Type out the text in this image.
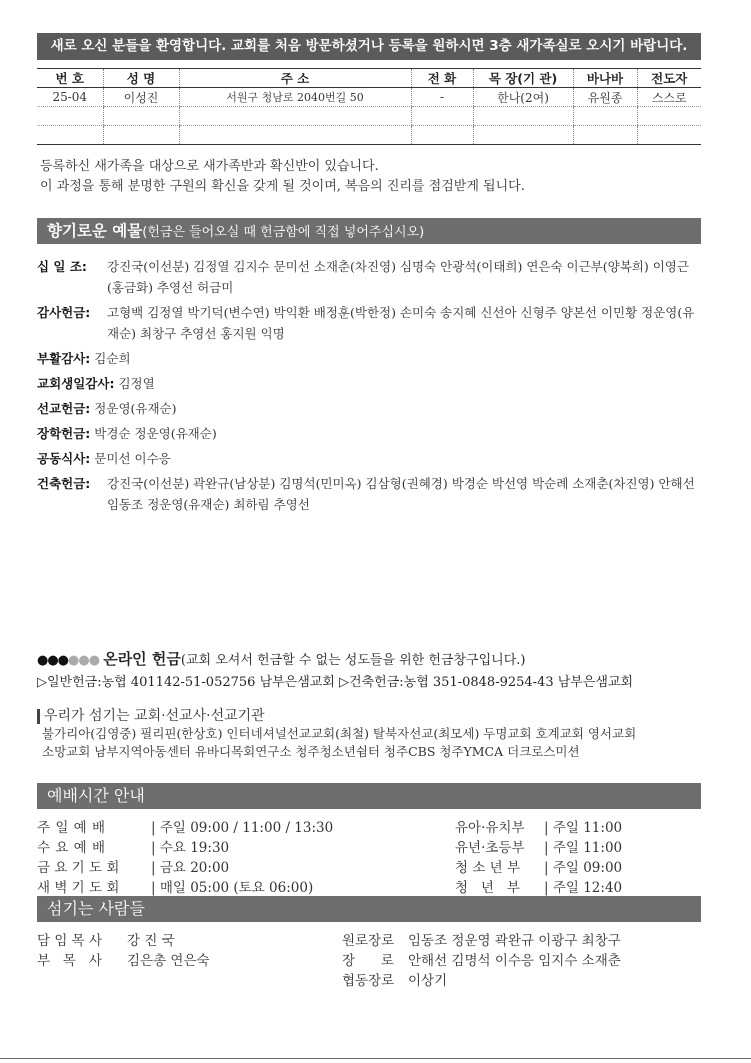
새로 오신 분들을 환영합니다. 교회를 처음 방문하셨거나 등록을 원하시면 3층 새가족실로 오시기 바랍니다.
번 호	성 명	주 소	전 화	목 장(기 관)	바나바	전도자
25-04	이성진	서원구 청남로 2040번길 50	-	한나(2여)	유원종	스스로

등록하신 새가족을 대상으로 새가족반과 확신반이 있습니다.
이 과정을 통해 분명한 구원의 확신을 갖게 될 것이며, 복음의 진리를 점검받게 됩니다.
향기로운 예물(헌금은 들어오실 때 헌금함에 직접 넣어주십시오)
십 일 조:	강진국(이선분) 김정열 김지수 문미선 소재춘(차진영) 심명숙 안광석(이태희) 연은숙 이근부(양복희) 이영근(홍금화) 추영선 허금미
감사헌금:	고형백 김정열 박기덕(변수연) 박익환 배정훈(박한정) 손미숙 송지혜 신선아 신형주 양본선 이민황 정운영(유재순) 최창구 추영선 홍지원 익명
부활감사:
김순희
교회생일감사:
김정열
선교헌금:
정운영(유재순)
장학헌금:
박경순 정운영(유재순)
공동식사:
문미선 이수응
건축헌금:	강진국(이선분) 곽완규(남상분) 김명석(민미옥) 김삼형(권혜경) 박경순 박선영 박순례 소재춘(차진영) 안해선 임동조 정운영(유재순) 최하림 추영선
●●●●●● 온라인 헌금(교회 오셔서 헌금할 수 없는 성도들을 위한 헌금창구입니다.)
▷일반헌금:농협 401142-51-052756 남부은샘교회 ▷건축헌금:농협 351-0848-9254-43 남부은샘교회
우리가 섬기는 교회·선교사·선교기관
불가리아(김영중) 필리핀(한상호) 인터네셔널선교교회(최철) 탈북자선교(최모세) 두명교회 호계교회 영서교회
소망교회 남부지역아동센터 유바디목회연구소 청주청소년쉼터 청주CBS 청주YMCA 더크로스미션
예배시간 안내
주 일 예 배	| 주일 09:00 / 11:00 / 13:30
수 요 예 배	| 수요 19:30
금 요 기 도 회 | 금요 20:00
새 벽 기 도 회 | 매일 05:00 (토요 06:00)
유아·유치부 | 주일 11:00
유년·초등부 | 주일 11:00
청 소 년 부 | 주일 09:00
청   년   부 | 주일 12:40
섬기는 사람들
담 임 목 사 강 진 국
부   목   사 김은총 연은숙
원로장로 임동조 정운영 곽완규 이광구 최창구
장      로 안해선 김명석 이수응 임지수 소재춘
협동장로 이상기
